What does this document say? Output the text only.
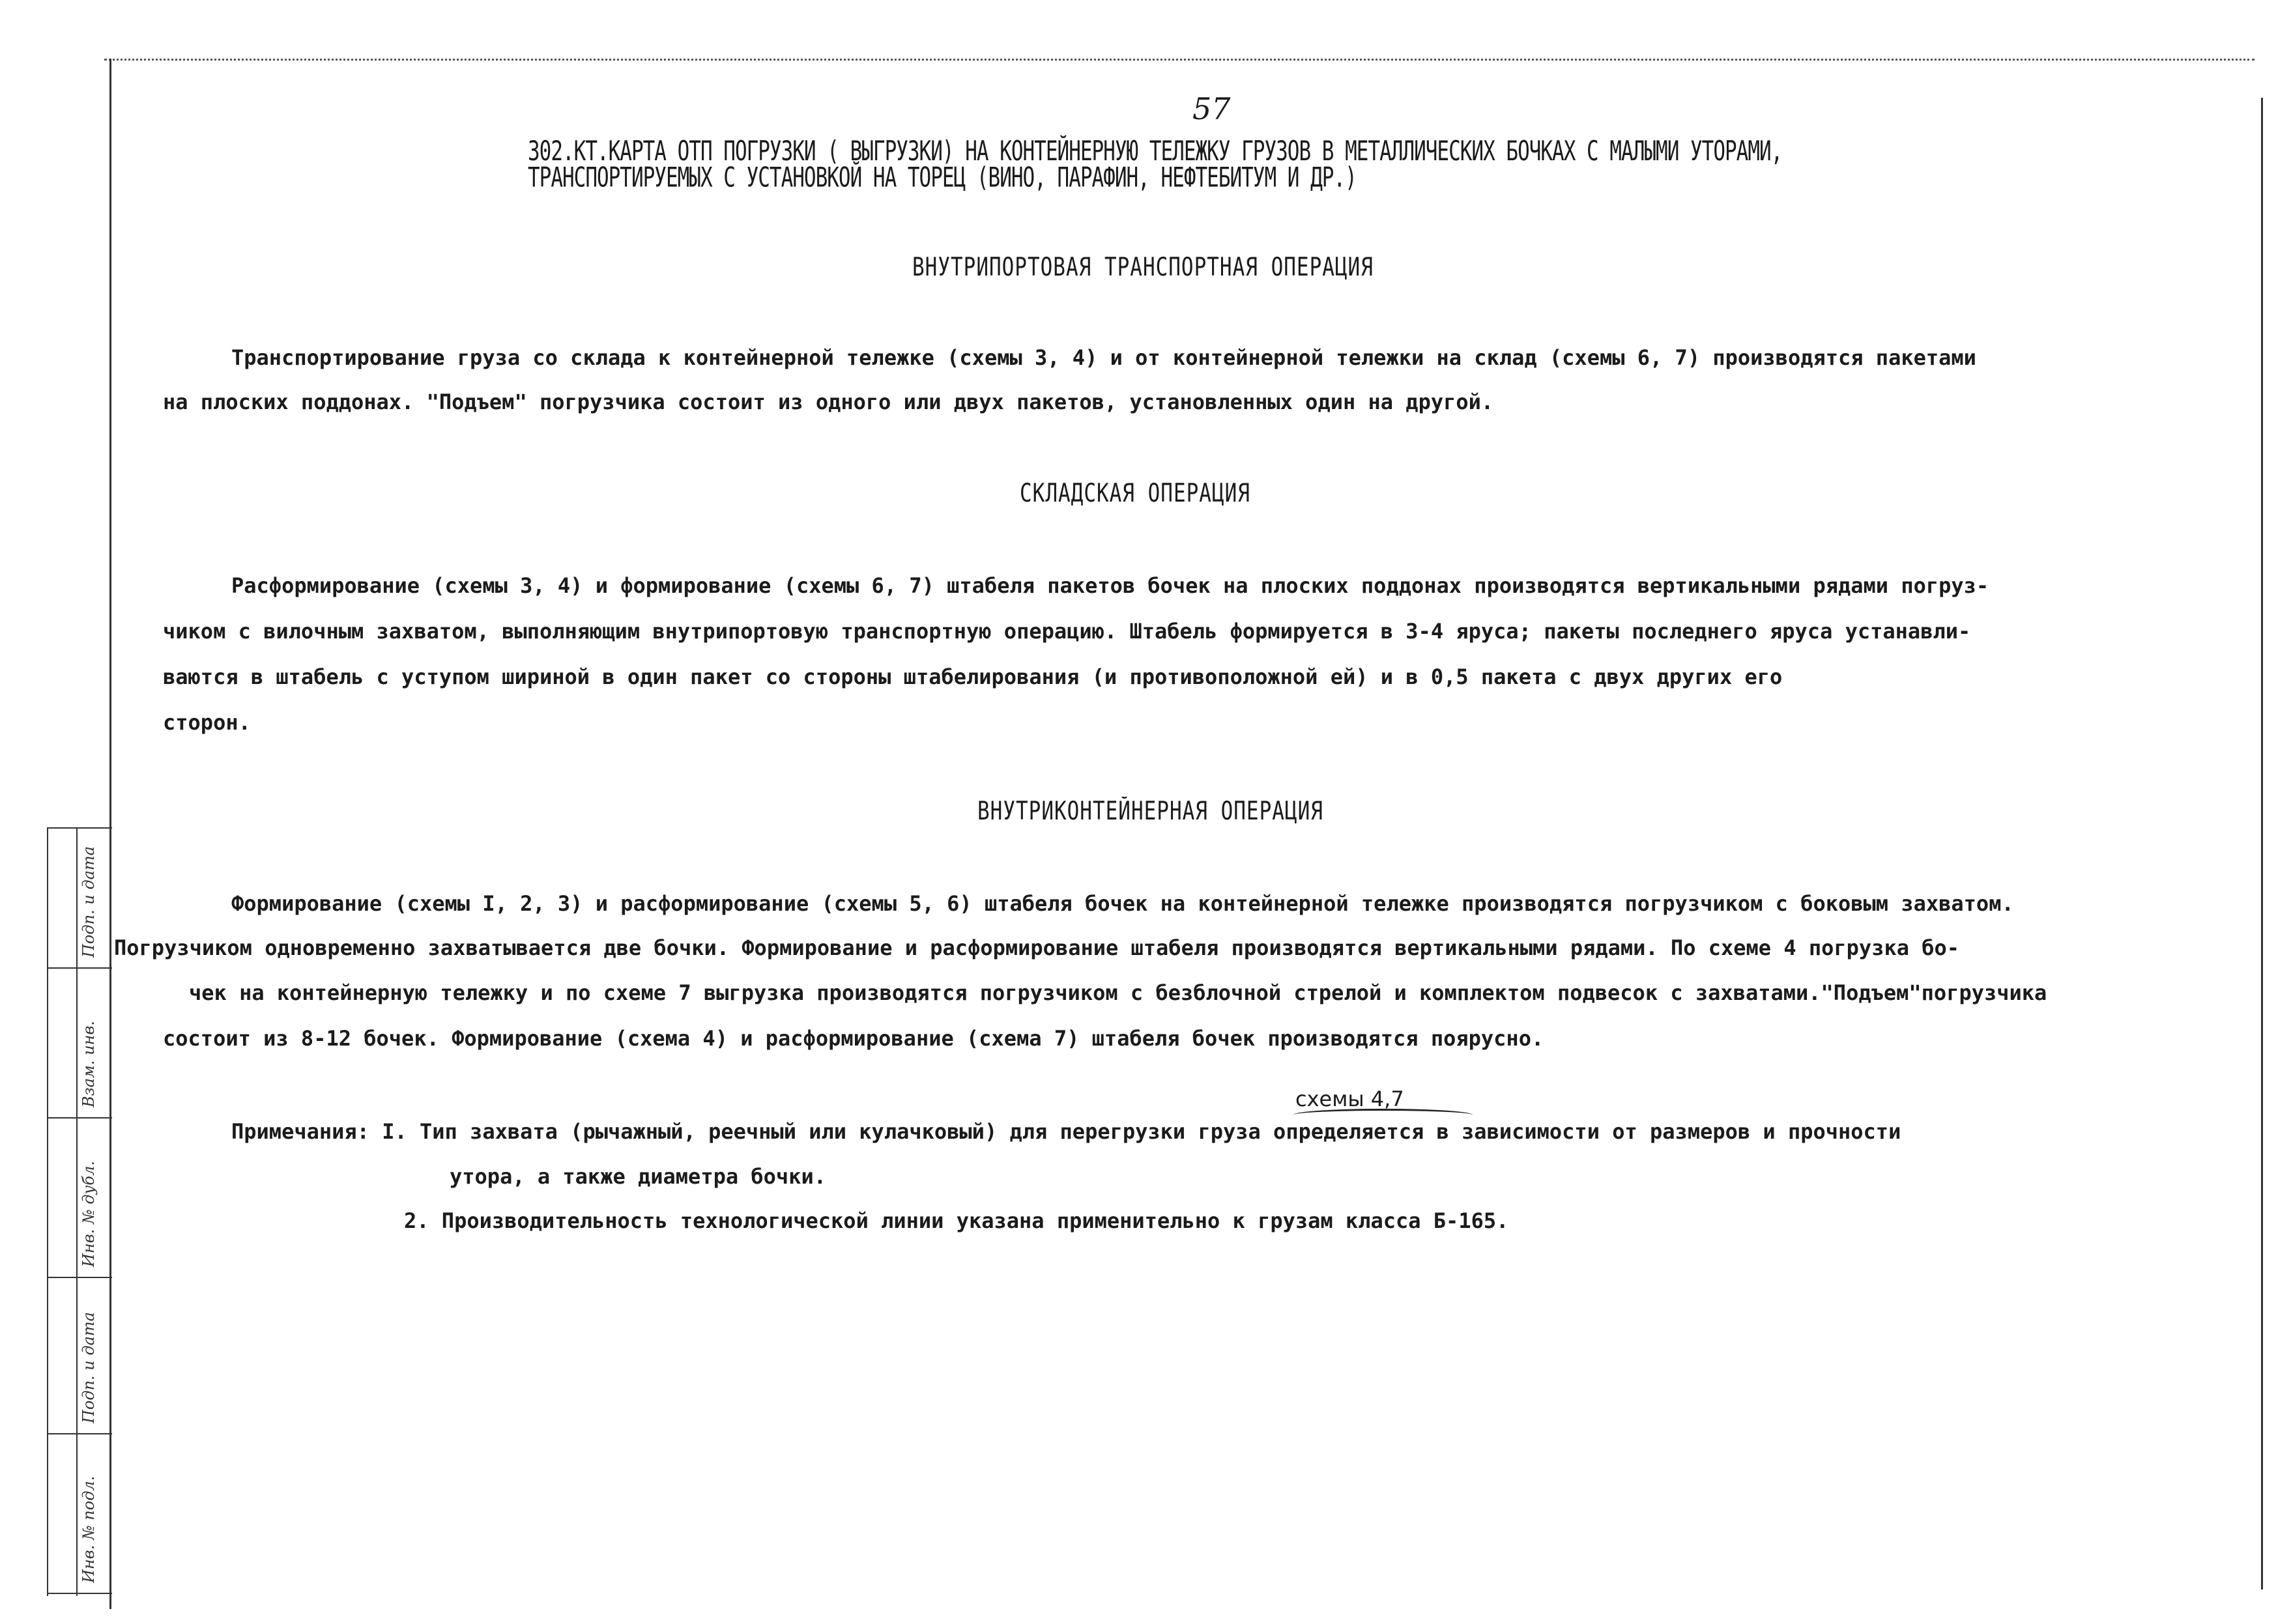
57
302.КТ.КАРТА ОТП ПОГРУЗКИ ( ВЫГРУЗКИ) НА КОНТЕЙНЕРНУЮ ТЕЛЕЖКУ ГРУЗОВ В МЕТАЛЛИЧЕСКИХ БОЧКАХ С МАЛЫМИ УТОРАМИ,
ТРАНСПОРТИРУЕМЫХ С УСТАНОВКОЙ НА ТОРЕЦ (ВИНО, ПАРАФИН, НЕФТЕБИТУМ И ДР.)
ВНУТРИПОРТОВАЯ ТРАНСПОРТНАЯ ОПЕРАЦИЯ
Транспортирование груза со склада к контейнерной тележке (схемы 3, 4) и от контейнерной тележки на склад (схемы 6, 7) производятся пакетами
на плоских поддонах. "Подъем" погрузчика состоит из одного или двух пакетов, установленных один на другой.
СКЛАДСКАЯ ОПЕРАЦИЯ
Расформирование (схемы 3, 4) и формирование (схемы 6, 7) штабеля пакетов бочек на плоских поддонах производятся вертикальными рядами погруз-
чиком с вилочным захватом, выполняющим внутрипортовую транспортную операцию. Штабель формируется в 3-4 яруса; пакеты последнего яруса устанавли-
ваются в штабель с уступом шириной в один пакет со стороны штабелирования (и противоположной ей) и в 0,5 пакета с двух других его
сторон.
ВНУТРИКОНТЕЙНЕРНАЯ ОПЕРАЦИЯ
Формирование (схемы I, 2, 3) и расформирование (схемы 5, 6) штабеля бочек на контейнерной тележке производятся погрузчиком с боковым захватом.
Погрузчиком одновременно захватывается две бочки. Формирование и расформирование штабеля производятся вертикальными рядами. По схеме 4 погрузка бо-
чек на контейнерную тележку и по схеме 7 выгрузка производятся погрузчиком с безблочной стрелой и комплектом подвесок с захватами."Подъем"погрузчика
состоит из 8-12 бочек. Формирование (схема 4) и расформирование (схема 7) штабеля бочек производятся поярусно.
схемы 4,7
Примечания: I. Тип захвата (рычажный, реечный или кулачковый) для перегрузки груза определяется в зависимости от размеров и прочности
утора, а также диаметра бочки.
2. Производительность технологической линии указана применительно к грузам класса Б-165.
Подп. и дата
Взам. инв.
Инв. № дубл.
Подп. и дата
Инв. № подл.
